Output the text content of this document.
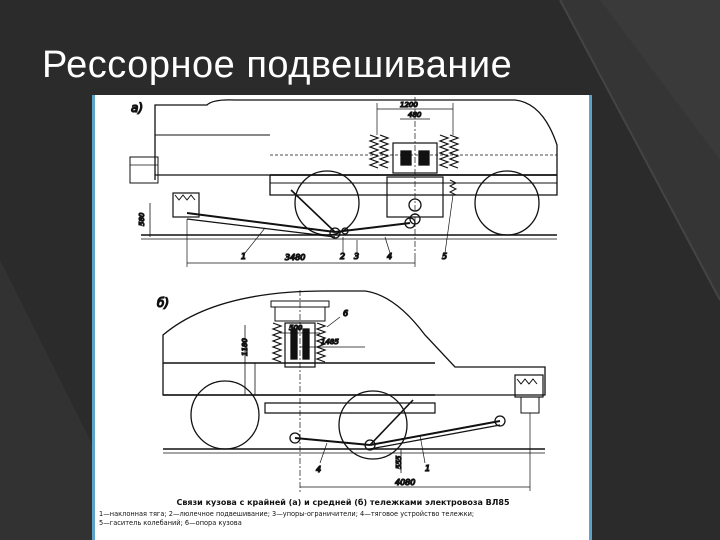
Рессорное подвешивание
а)	1200
480
580
3480
1	2 3	4	5
б)
500
1485
1180
555
4080
6
4	1
Связи кузова с крайней (а) и средней (б) тележками электровоза ВЛ85
1—наклонная тяга; 2—люлечное подвешивание; 3—упоры-ограничители; 4—тяговое устройство тележки;
5—гаситель колебаний; 6—опора кузова
